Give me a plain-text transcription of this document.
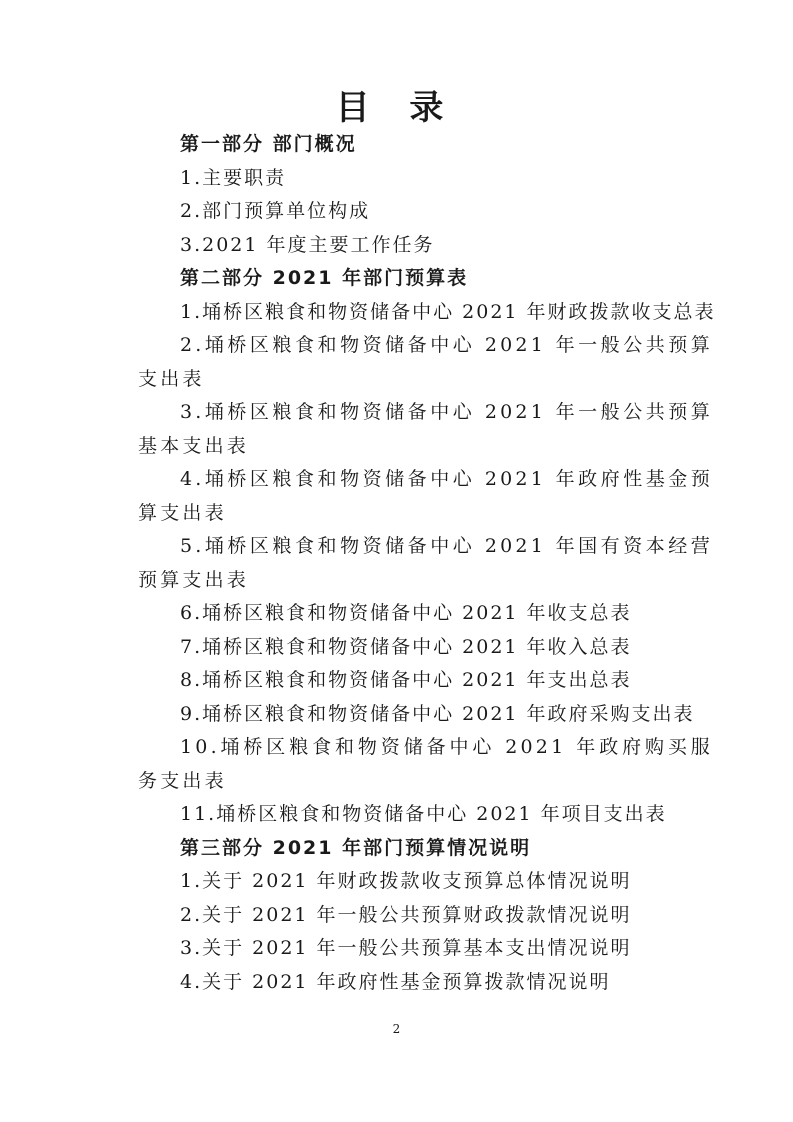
目 录
第一部分 部门概况
1.主要职责
2.部门预算单位构成
3.2021 年度主要工作任务
第二部分 2021 年部门预算表
1.埇桥区粮食和物资储备中心 2021 年财政拨款收支总表
2.埇桥区粮食和物资储备中心 2021 年一般公共预算支出表
3.埇桥区粮食和物资储备中心 2021 年一般公共预算基本支出表
4.埇桥区粮食和物资储备中心 2021 年政府性基金预算支出表
5.埇桥区粮食和物资储备中心 2021 年国有资本经营预算支出表
6.埇桥区粮食和物资储备中心 2021 年收支总表
7.埇桥区粮食和物资储备中心 2021 年收入总表
8.埇桥区粮食和物资储备中心 2021 年支出总表
9.埇桥区粮食和物资储备中心 2021 年政府采购支出表
10.埇桥区粮食和物资储备中心 2021 年政府购买服务支出表
11.埇桥区粮食和物资储备中心 2021 年项目支出表
第三部分 2021 年部门预算情况说明
1.关于 2021 年财政拨款收支预算总体情况说明
2.关于 2021 年一般公共预算财政拨款情况说明
3.关于 2021 年一般公共预算基本支出情况说明
4.关于 2021 年政府性基金预算拨款情况说明
2
